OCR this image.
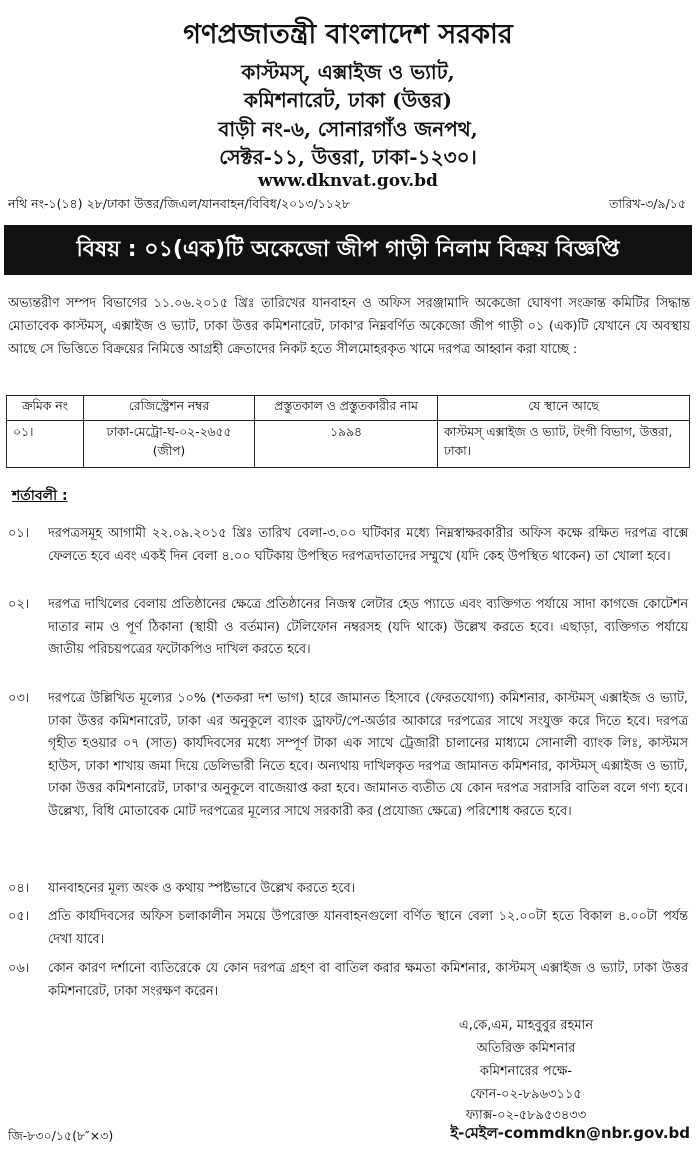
গণপ্রজাতন্ত্রী বাংলাদেশ সরকার
কাস্টমস্‌, এক্সাইজ ও ভ্যাট,
কমিশনারেট, ঢাকা (উত্তর)
বাড়ী নং-৬, সোনারগাঁও জনপথ,
সেক্টর-১১, উত্তরা, ঢাকা-১২৩০।
www.dknvat.gov.bd
নথি নং-১(১৪) ২৮/ঢাকা উত্তর/জিএল/যানবাহন/বিবিধ/২০১৩/১১২৮	তারিখ-৩/৯/১৫
বিষয় : ০১(এক)টি অকেজো জীপ গাড়ী নিলাম বিক্রয় বিজ্ঞপ্তি
অভ্যন্তরীণ সম্পদ বিভাগের ১১.০৬.২০১৫ খ্রিঃ তারিখের যানবাহন ও অফিস সরঞ্জামাদি অকেজো ঘোষণা সংক্রান্ত কমিটির সিদ্ধান্ত মোতাবেক কাস্টমস্‌, এক্সাইজ ও ভ্যাট, ঢাকা উত্তর কমিশনারেট, ঢাকা'র নিম্নবর্ণিত অকেজো জীপ গাড়ী ০১ (এক)টি যেখানে যে অবস্থায় আছে সে ভিত্তিতে বিক্রয়ের নিমিত্তে আগ্রহী ক্রেতাদের নিকট হতে সীলমোহরকৃত খামে দরপত্র আহ্বান করা যাচ্ছে :
ক্রমিক নং	রেজিস্ট্রেশন নম্বর	প্রস্তুতকাল ও প্রস্তুতকারীর নাম	যে স্থানে আছে
০১।	ঢাকা-মেট্রো-ঘ-০২-২৬৫৫ (জীপ)	১৯৯৪	কাস্টমস্‌ এক্সাইজ ও ভ্যাট, টংগী বিভাগ, উত্তরা, ঢাকা।
শর্তাবলী :
০১।	দরপত্রসমূহ আগামী ২২.০৯.২০১৫ খ্রিঃ তারিখ বেলা-৩.০০ ঘটিকার মধ্যে নিম্নস্বাক্ষরকারীর অফিস কক্ষে রক্ষিত দরপত্র বাক্সে ফেলতে হবে এবং একই দিন বেলা ৪.০০ ঘটিকায় উপস্থিত দরপত্রদাতাদের সম্মুখে (যদি কেহ উপস্থিত থাকেন) তা খোলা হবে।
০২।	দরপত্র দাখিলের বেলায় প্রতিষ্ঠানের ক্ষেত্রে প্রতিষ্ঠানের নিজস্ব লেটার হেড প্যাডে এবং ব্যক্তিগত পর্যায়ে সাদা কাগজে কোটেশন দাতার নাম ও পূর্ণ ঠিকানা (স্থায়ী ও বর্তমান) টেলিফোন নম্বরসহ (যদি থাকে) উল্লেখ করতে হবে। এছাড়া, ব্যক্তিগত পর্যায়ে জাতীয় পরিচয়পত্রের ফটোকপিও দাখিল করতে হবে।
০৩।	দরপত্রে উল্লিখিত মূল্যের ১০% (শতকরা দশ ভাগ) হারে জামানত হিসাবে (ফেরতযোগ্য) কমিশনার, কাস্টমস্‌ এক্সাইজ ও ভ্যাট, ঢাকা উত্তর কমিশনারেট, ঢাকা এর অনুকূলে ব্যাংক ড্রাফট/পে-অর্ডার আকারে দরপত্রের সাথে সংযুক্ত করে দিতে হবে। দরপত্র গৃহীত হওয়ার ০৭ (সাত) কার্যদিবসের মধ্যে সম্পূর্ণ টাকা এক সাথে ট্রেজারী চালানের মাধ্যমে সোনালী ব্যাংক লিঃ, কাস্টমস হাউস, ঢাকা শাখায় জমা দিয়ে ডেলিভারী নিতে হবে। অন্যথায় দাখিলকৃত দরপত্র জামানত কমিশনার, কাস্টমস্‌ এক্সাইজ ও ভ্যাট, ঢাকা উত্তর কমিশনারেট, ঢাকা'র অনুকূলে বাজেয়াপ্ত করা হবে। জামানত ব্যতীত যে কোন দরপত্র সরাসরি বাতিল বলে গণ্য হবে। উল্লেখ্য, বিধি মোতাবেক মোট দরপত্রের মূল্যের সাথে সরকারী কর (প্রযোজ্য ক্ষেত্রে) পরিশোধ করতে হবে।
০৪।	যানবাহনের মূল্য অংক ও কথায় স্পষ্টভাবে উল্লেখ করতে হবে।
০৫।	প্রতি কার্যদিবসের অফিস চলাকালীন সময়ে উপরোক্ত যানবাহনগুলো বর্ণিত স্থানে বেলা ১২.০০টা হতে বিকাল ৪.০০টা পর্যন্ত দেখা যাবে।
০৬।	কোন কারণ দর্শানো ব্যতিরেকে যে কোন দরপত্র গ্রহণ বা বাতিল করার ক্ষমতা কমিশনার, কাস্টমস্‌ এক্সাইজ ও ভ্যাট, ঢাকা উত্তর কমিশনারেট, ঢাকা সংরক্ষণ করেন।
এ,কে,এম, মাহবুবুর রহমান
অতিরিক্ত কমিশনার
কমিশনারের পক্ষে-
ফোন-০২-৮৯৬৩১১৫
ফ্যাক্স-০২-৫৮৯৫৩৪৩৩
ই-মেইল-commdkn@nbr.gov.bd
জি-৮৩০/১৫(৮″×৩)
